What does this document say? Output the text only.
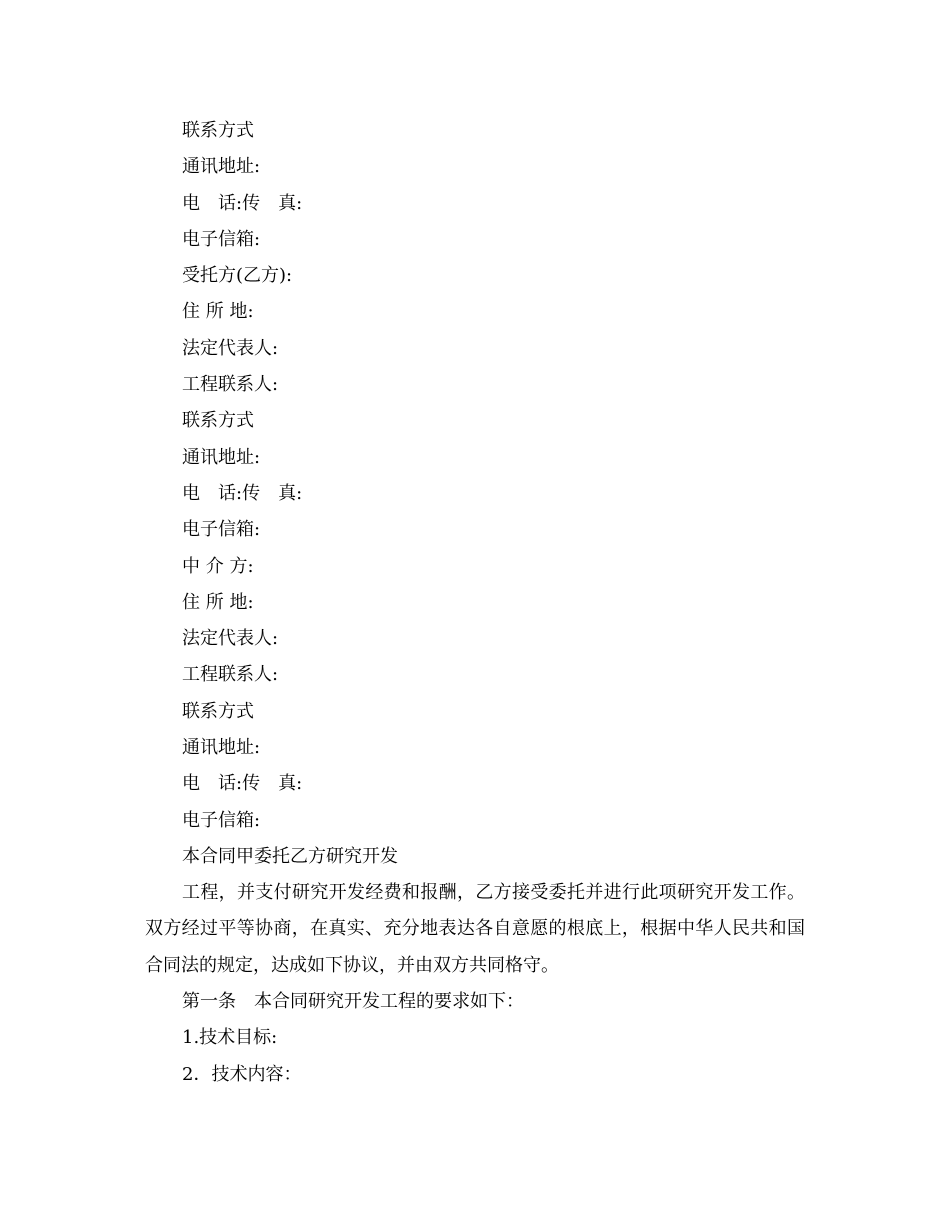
联系方式
通讯地址:
电　话:传　真:
电子信箱:
受托方(乙方):
住 所 地:
法定代表人:
工程联系人:
联系方式
通讯地址:
电　话:传　真:
电子信箱:
中 介 方:
住 所 地:
法定代表人:
工程联系人:
联系方式
通讯地址:
电　话:传　真:
电子信箱:
本合同甲委托乙方研究开发
工程，并支付研究开发经费和报酬，乙方接受委托并进行此项研究开发工作。双方经过平等协商，在真实、充分地表达各自意愿的根底上，根据中华人民共和国合同法的规定，达成如下协议，并由双方共同格守。
第一条　本合同研究开发工程的要求如下：
1.技术目标:
2．技术内容：
